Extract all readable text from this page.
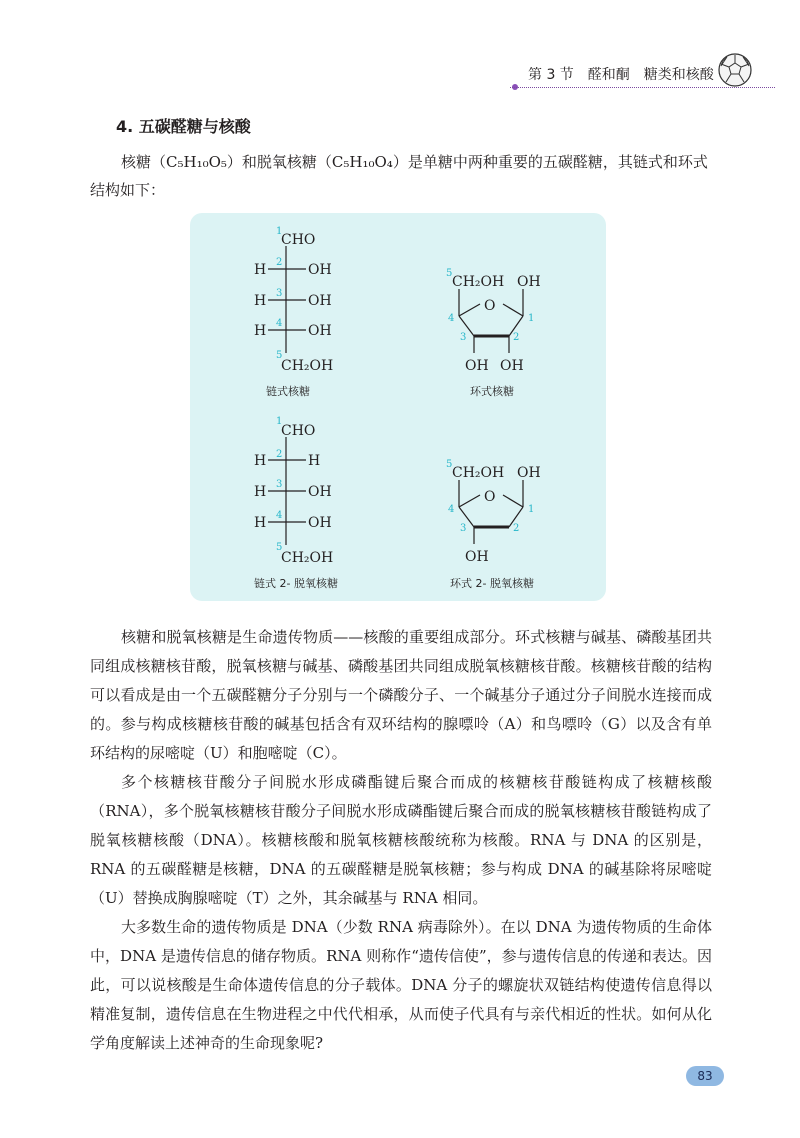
第 3 节　醛和酮　糖类和核酸
4. 五碳醛糖与核酸

核糖（C₅H₁₀O₅）和脱氧核糖（C₅H₁₀O₄）是单糖中两种重要的五碳醛糖，其链式和环式结构如下：

1
CHO
2
3
4
H	OH
H	OH
H	OH
5
CH₂OH
链式核糖
5
CH₂OH OH
O
4
3	2
1
OH OH
环式核糖
1
CHO
2
3
4
H	H
H	OH
H	OH
5
CH₂OH
链式 2- 脱氧核糖
5
CH₂OH OH
O
4
3	2
1
OH
环式 2- 脱氧核糖

核糖和脱氧核糖是生命遗传物质——核酸的重要组成部分。环式核糖与碱基、磷酸基团共同组成核糖核苷酸，脱氧核糖与碱基、磷酸基团共同组成脱氧核糖核苷酸。核糖核苷酸的结构可以看成是由一个五碳醛糖分子分别与一个磷酸分子、一个碱基分子通过分子间脱水连接而成的。参与构成核糖核苷酸的碱基包括含有双环结构的腺嘌呤（A）和鸟嘌呤（G）以及含有单环结构的尿嘧啶（U）和胞嘧啶（C）。

多个核糖核苷酸分子间脱水形成磷酯键后聚合而成的核糖核苷酸链构成了核糖核酸（RNA），多个脱氧核糖核苷酸分子间脱水形成磷酯键后聚合而成的脱氧核糖核苷酸链构成了脱氧核糖核酸（DNA）。核糖核酸和脱氧核糖核酸统称为核酸。RNA 与 DNA 的区别是，RNA 的五碳醛糖是核糖，DNA 的五碳醛糖是脱氧核糖；参与构成 DNA 的碱基除将尿嘧啶（U）替换成胸腺嘧啶（T）之外，其余碱基与 RNA 相同。

大多数生命的遗传物质是 DNA（少数 RNA 病毒除外）。在以 DNA 为遗传物质的生命体中，DNA 是遗传信息的储存物质。RNA 则称作“遗传信使”，参与遗传信息的传递和表达。因此，可以说核酸是生命体遗传信息的分子载体。DNA 分子的螺旋状双链结构使遗传信息得以精准复制，遗传信息在生物进程之中代代相承，从而使子代具有与亲代相近的性状。如何从化学角度解读上述神奇的生命现象呢?

83
